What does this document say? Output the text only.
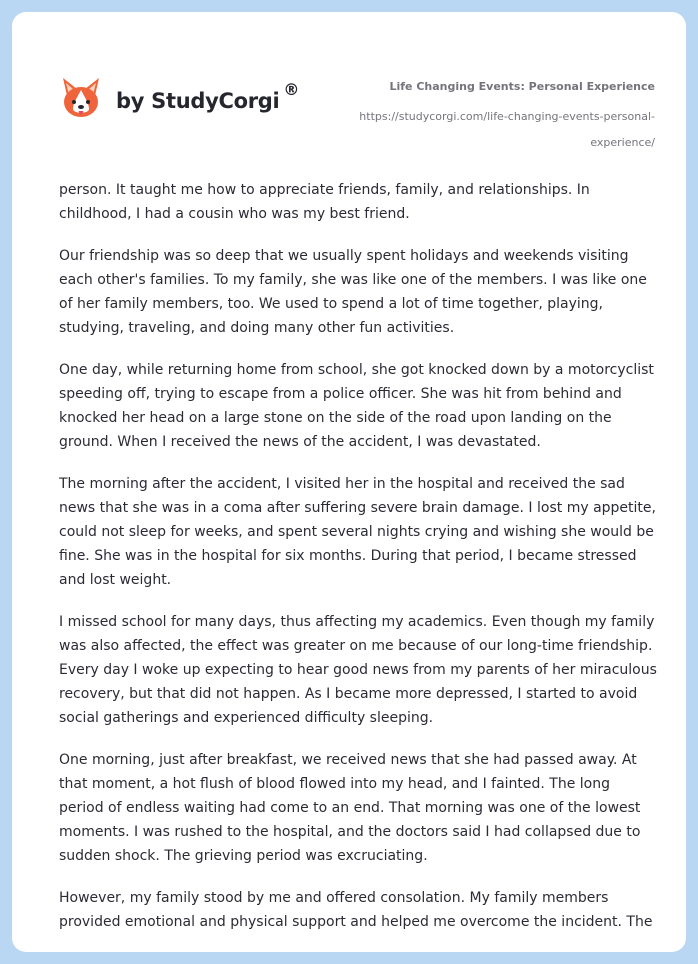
by StudyCorgi ®	Life Changing Events: Personal Experience

https://studycorgi.com/life-changing-events-personal-

experience/

person. It taught me how to appreciate friends, family, and relationships. In
childhood, I had a cousin who was my best friend.

Our friendship was so deep that we usually spent holidays and weekends visiting
each other's families. To my family, she was like one of the members. I was like one
of her family members, too. We used to spend a lot of time together, playing,
studying, traveling, and doing many other fun activities.

One day, while returning home from school, she got knocked down by a motorcyclist
speeding off, trying to escape from a police officer. She was hit from behind and
knocked her head on a large stone on the side of the road upon landing on the
ground. When I received the news of the accident, I was devastated.

The morning after the accident, I visited her in the hospital and received the sad
news that she was in a coma after suffering severe brain damage. I lost my appetite,
could not sleep for weeks, and spent several nights crying and wishing she would be
fine. She was in the hospital for six months. During that period, I became stressed
and lost weight.

I missed school for many days, thus affecting my academics. Even though my family
was also affected, the effect was greater on me because of our long-time friendship.
Every day I woke up expecting to hear good news from my parents of her miraculous
recovery, but that did not happen. As I became more depressed, I started to avoid
social gatherings and experienced difficulty sleeping.

One morning, just after breakfast, we received news that she had passed away. At
that moment, a hot flush of blood flowed into my head, and I fainted. The long
period of endless waiting had come to an end. That morning was one of the lowest
moments. I was rushed to the hospital, and the doctors said I had collapsed due to
sudden shock. The grieving period was excruciating.

However, my family stood by me and offered consolation. My family members
provided emotional and physical support and helped me overcome the incident. The
